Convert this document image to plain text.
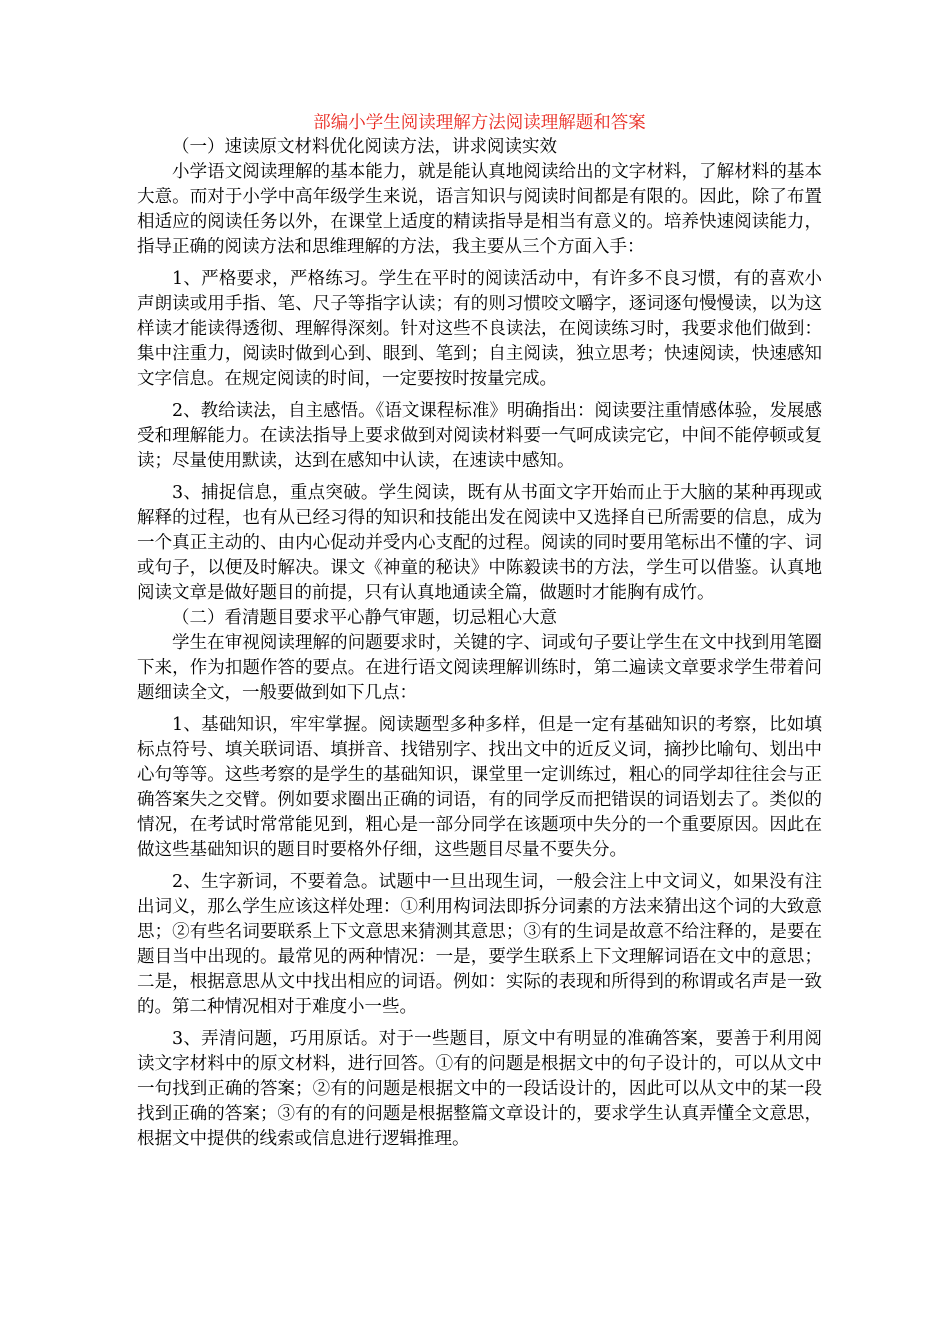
部编小学生阅读理解方法阅读理解题和答案

（一）速读原文材料优化阅读方法，讲求阅读实效

小学语文阅读理解的基本能力，就是能认真地阅读给出的文字材料，了解材料的基本大意。而对于小学中高年级学生来说，语言知识与阅读时间都是有限的。因此，除了布置相适应的阅读任务以外，在课堂上适度的精读指导是相当有意义的。培养快速阅读能力，指导正确的阅读方法和思维理解的方法，我主要从三个方面入手：

1、严格要求，严格练习。学生在平时的阅读活动中，有许多不良习惯，有的喜欢小声朗读或用手指、笔、尺子等指字认读；有的则习惯咬文嚼字，逐词逐句慢慢读，以为这样读才能读得透彻、理解得深刻。针对这些不良读法，在阅读练习时，我要求他们做到：集中注重力，阅读时做到心到、眼到、笔到；自主阅读，独立思考；快速阅读，快速感知文字信息。在规定阅读的时间，一定要按时按量完成。

2、教给读法，自主感悟。《语文课程标准》明确指出：阅读要注重情感体验，发展感受和理解能力。在读法指导上要求做到对阅读材料要一气呵成读完它，中间不能停顿或复读；尽量使用默读，达到在感知中认读，在速读中感知。

3、捕捉信息，重点突破。学生阅读，既有从书面文字开始而止于大脑的某种再现或解释的过程，也有从已经习得的知识和技能出发在阅读中又选择自已所需要的信息，成为一个真正主动的、由内心促动并受内心支配的过程。阅读的同时要用笔标出不懂的字、词或句子，以便及时解决。课文《神童的秘诀》中陈毅读书的方法，学生可以借鉴。认真地阅读文章是做好题目的前提，只有认真地通读全篇，做题时才能胸有成竹。

（二）看清题目要求平心静气审题，切忌粗心大意

学生在审视阅读理解的问题要求时，关键的字、词或句子要让学生在文中找到用笔圈下来，作为扣题作答的要点。在进行语文阅读理解训练时，第二遍读文章要求学生带着问题细读全文，一般要做到如下几点：

1、基础知识，牢牢掌握。阅读题型多种多样，但是一定有基础知识的考察，比如填标点符号、填关联词语、填拼音、找错别字、找出文中的近反义词，摘抄比喻句、划出中心句等等。这些考察的是学生的基础知识，课堂里一定训练过，粗心的同学却往往会与正确答案失之交臂。例如要求圈出正确的词语，有的同学反而把错误的词语划去了。类似的情况，在考试时常常能见到，粗心是一部分同学在该题项中失分的一个重要原因。因此在做这些基础知识的题目时要格外仔细，这些题目尽量不要失分。

2、生字新词，不要着急。试题中一旦出现生词，一般会注上中文词义，如果没有注出词义，那么学生应该这样处理：①利用构词法即拆分词素的方法来猜出这个词的大致意思；②有些名词要联系上下文意思来猜测其意思；③有的生词是故意不给注释的，是要在题目当中出现的。最常见的两种情况：一是，要学生联系上下文理解词语在文中的意思；二是，根据意思从文中找出相应的词语。例如：实际的表现和所得到的称谓或名声是一致的。第二种情况相对于难度小一些。

3、弄清问题，巧用原话。对于一些题目，原文中有明显的准确答案，要善于利用阅读文字材料中的原文材料，进行回答。①有的问题是根据文中的句子设计的，可以从文中一句找到正确的答案；②有的问题是根据文中的一段话设计的，因此可以从文中的某一段找到正确的答案；③有的有的问题是根据整篇文章设计的，要求学生认真弄懂全文意思，根据文中提供的线索或信息进行逻辑推理。
